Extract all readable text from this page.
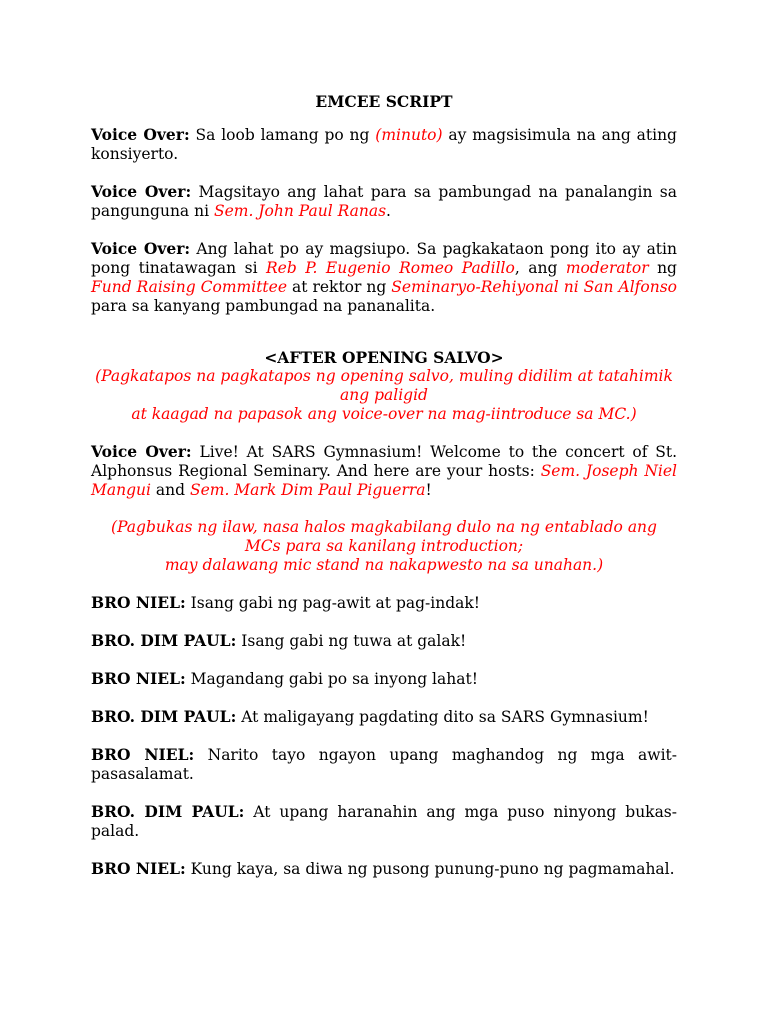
EMCEE SCRIPT

Voice Over: Sa loob lamang po ng (minuto) ay magsisimula na ang ating konsiyerto.

Voice Over: Magsitayo ang lahat para sa pambungad na panalangin sa pangunguna ni Sem. John Paul Ranas.

Voice Over: Ang lahat po ay magsiupo. Sa pagkakataon pong ito ay atin pong tinatawagan si Reb P. Eugenio Romeo Padillo, ang moderator ng Fund Raising Committee at rektor ng Seminaryo-Rehiyonal ni San Alfonso para sa kanyang pambungad na pananalita.

<AFTER OPENING SALVO>

(Pagkatapos na pagkatapos ng opening salvo, muling didilim at tatahimik ang paligid

at kaagad na papasok ang voice-over na mag-iintroduce sa MC.)

Voice Over: Live! At SARS Gymnasium! Welcome to the concert of St. Alphonsus Regional Seminary. And here are your hosts: Sem. Joseph Niel Mangui and Sem. Mark Dim Paul Piguerra!

(Pagbukas ng ilaw, nasa halos magkabilang dulo na ng entablado ang MCs para sa kanilang introduction;

may dalawang mic stand na nakapwesto na sa unahan.)

BRO NIEL: Isang gabi ng pag-awit at pag-indak!

BRO. DIM PAUL: Isang gabi ng tuwa at galak!

BRO NIEL: Magandang gabi po sa inyong lahat!

BRO. DIM PAUL: At maligayang pagdating dito sa SARS Gymnasium!

BRO NIEL: Narito tayo ngayon upang maghandog ng mga awit-pasasalamat.

BRO. DIM PAUL: At upang haranahin ang mga puso ninyong bukas-palad.

BRO NIEL: Kung kaya, sa diwa ng pusong punung-puno ng pagmamahal.
